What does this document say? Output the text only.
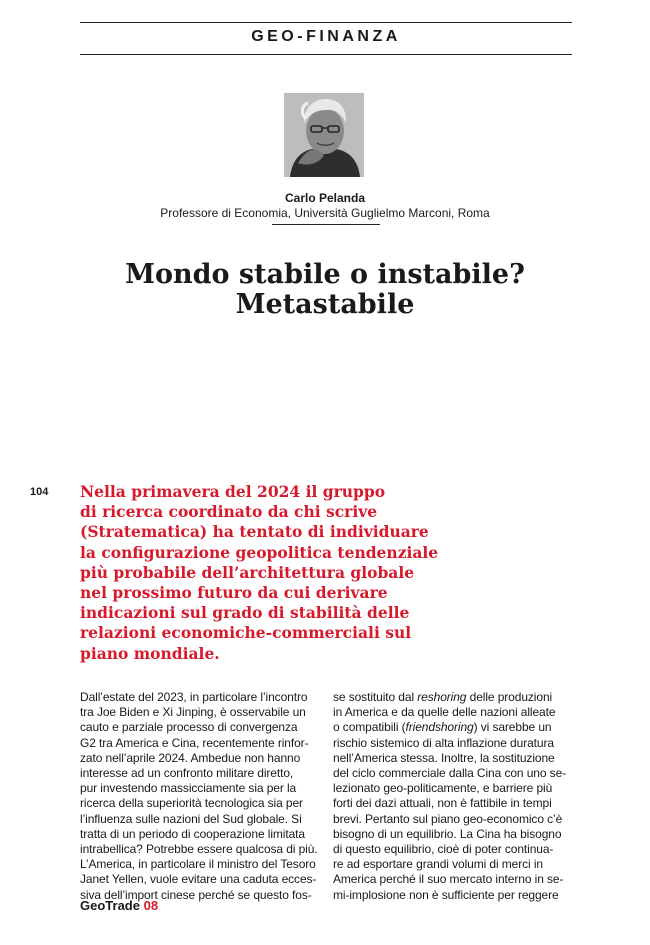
GEO-FINANZA
Carlo Pelanda
Professore di Economia, Università Guglielmo Marconi, Roma
Mondo stabile o instabile?
Metastabile
104 Nella primavera del 2024 il gruppo
di ricerca coordinato da chi scrive
(Stratematica) ha tentato di individuare
la configurazione geopolitica tendenziale
più probabile dell’architettura globale
nel prossimo futuro da cui derivare
indicazioni sul grado di stabilità delle
relazioni economiche-commerciali sul
piano mondiale.
Dall’estate del 2023, in particolare l’incontro
tra Joe Biden e Xi Jinping, è osservabile un
cauto e parziale processo di convergenza
G2 tra America e Cina, recentemente rinfor-
zato nell’aprile 2024. Ambedue non hanno
interesse ad un confronto militare diretto,
pur investendo massicciamente sia per la
ricerca della superiorità tecnologica sia per
l’influenza sulle nazioni del Sud globale. Si
tratta di un periodo di cooperazione limitata
intrabellica? Potrebbe essere qualcosa di più.
L’America, in particolare il ministro del Tesoro
Janet Yellen, vuole evitare una caduta ecces-
siva dell’import cinese perché se questo fos-
se sostituito dal reshoring delle produzioni
in America e da quelle delle nazioni alleate
o compatibili (friendshoring) vi sarebbe un
rischio sistemico di alta inflazione duratura
nell’America stessa. Inoltre, la sostituzione
del ciclo commerciale dalla Cina con uno se-
lezionato geo-politicamente, e barriere più
forti dei dazi attuali, non è fattibile in tempi
brevi. Pertanto sul piano geo-economico c’è
bisogno di un equilibrio. La Cina ha bisogno
di questo equilibrio, cioè di poter continua-
re ad esportare grandi volumi di merci in
America perché il suo mercato interno in se-
mi-implosione non è sufficiente per reggere
GeoTrade 08
